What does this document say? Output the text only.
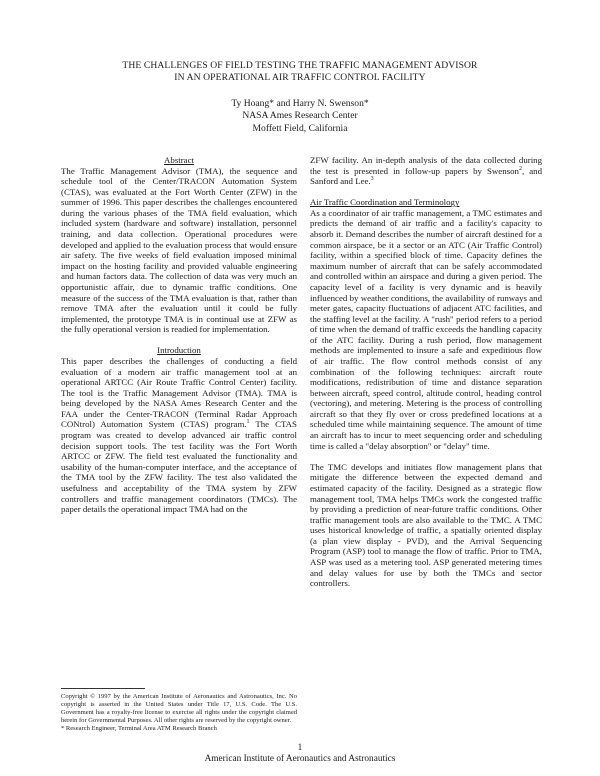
THE CHALLENGES OF FIELD TESTING THE TRAFFIC MANAGEMENT ADVISOR
IN AN OPERATIONAL AIR TRAFFIC CONTROL FACILITY
Ty Hoang* and Harry N. Swenson*
NASA Ames Research Center
Moffett Field, California

Abstract

The Traffic Management Advisor (TMA), the sequence and schedule tool of the Center/TRACON Automation System (CTAS), was evaluated at the Fort Worth Center (ZFW) in the summer of 1996. This paper describes the challenges encountered during the various phases of the TMA field evaluation, which included system (hardware and software) installation, personnel training, and data collection. Operational procedures were developed and applied to the evaluation process that would ensure air safety. The five weeks of field evaluation imposed minimal impact on the hosting facility and provided valuable engineering and human factors data. The collection of data was very much an opportunistic affair, due to dynamic traffic conditions. One measure of the success of the TMA evaluation is that, rather than remove TMA after the evaluation until it could be fully implemented, the prototype TMA is in continual use at ZFW as the fully operational version is readied for implementation.

Introduction

This paper describes the challenges of conducting a field evaluation of a modern air traffic management tool at an operational ARTCC (Air Route Traffic Control Center) facility. The tool is the Traffic Management Advisor (TMA). TMA is being developed by the NASA Ames Research Center and the FAA under the Center-TRACON (Terminal Radar Approach CONtrol) Automation System (CTAS) program.$^1$ The CTAS program was created to develop advanced air traffic control decision support tools. The test facility was the Fort Worth ARTCC or ZFW. The field test evaluated the functionality and usability of the human-computer interface, and the acceptance of the TMA tool by the ZFW facility. The test also validated the usefulness and acceptability of the TMA system by ZFW controllers and traffic management coordinators (TMCs). The paper details the operational impact TMA had on the

ZFW facility. An in-depth analysis of the data collected during the test is presented in follow-up papers by Swenson$^2$, and Sanford and Lee.$^3$

Air Traffic Coordination and Terminology

As a coordinator of air traffic management, a TMC estimates and predicts the demand of air traffic and a facility's capacity to absorb it. Demand describes the number of aircraft destined for a common airspace, be it a sector or an ATC (Air Traffic Control) facility, within a specified block of time. Capacity defines the maximum number of aircraft that can be safely accommodated and controlled within an airspace and during a given period. The capacity level of a facility is very dynamic and is heavily influenced by weather conditions, the availability of runways and meter gates, capacity fluctuations of adjacent ATC facilities, and the staffing level at the facility. A "rush" period refers to a period of time when the demand of traffic exceeds the handling capacity of the ATC facility. During a rush period, flow management methods are implemented to insure a safe and expeditious flow of air traffic. The flow control methods consist of any combination of the following techniques: aircraft route modifications, redistribution of time and distance separation between aircraft, speed control, altitude control, heading control (vectoring), and metering. Metering is the process of controlling aircraft so that they fly over or cross predefined locations at a scheduled time while maintaining sequence. The amount of time an aircraft has to incur to meet sequencing order and scheduling time is called a "delay absorption" or "delay" time.

The TMC develops and initiates flow management plans that mitigate the difference between the expected demand and estimated capacity of the facility. Designed as a strategic flow management tool, TMA helps TMCs work the congested traffic by providing a prediction of near-future traffic conditions. Other traffic management tools are also available to the TMC. A TMC uses historical knowledge of traffic, a spatially oriented display (a plan view display - PVD), and the Arrival Sequencing Program (ASP) tool to manage the flow of traffic. Prior to TMA, ASP was used as a metering tool. ASP generated metering times and delay values for use by both the TMCs and sector controllers.

Copyright © 1997 by the American Institute of Aeronautics and Astronautics, Inc. No copyright is asserted in the United States under Title 17, U.S. Code. The U.S. Government has a royalty-free license to exercise all rights under the copyright claimed herein for Governmental Purposes. All other rights are reserved by the copyright owner.

* Research Engineer, Terminal Area ATM Research Branch

1
American Institute of Aeronautics and Astronautics
